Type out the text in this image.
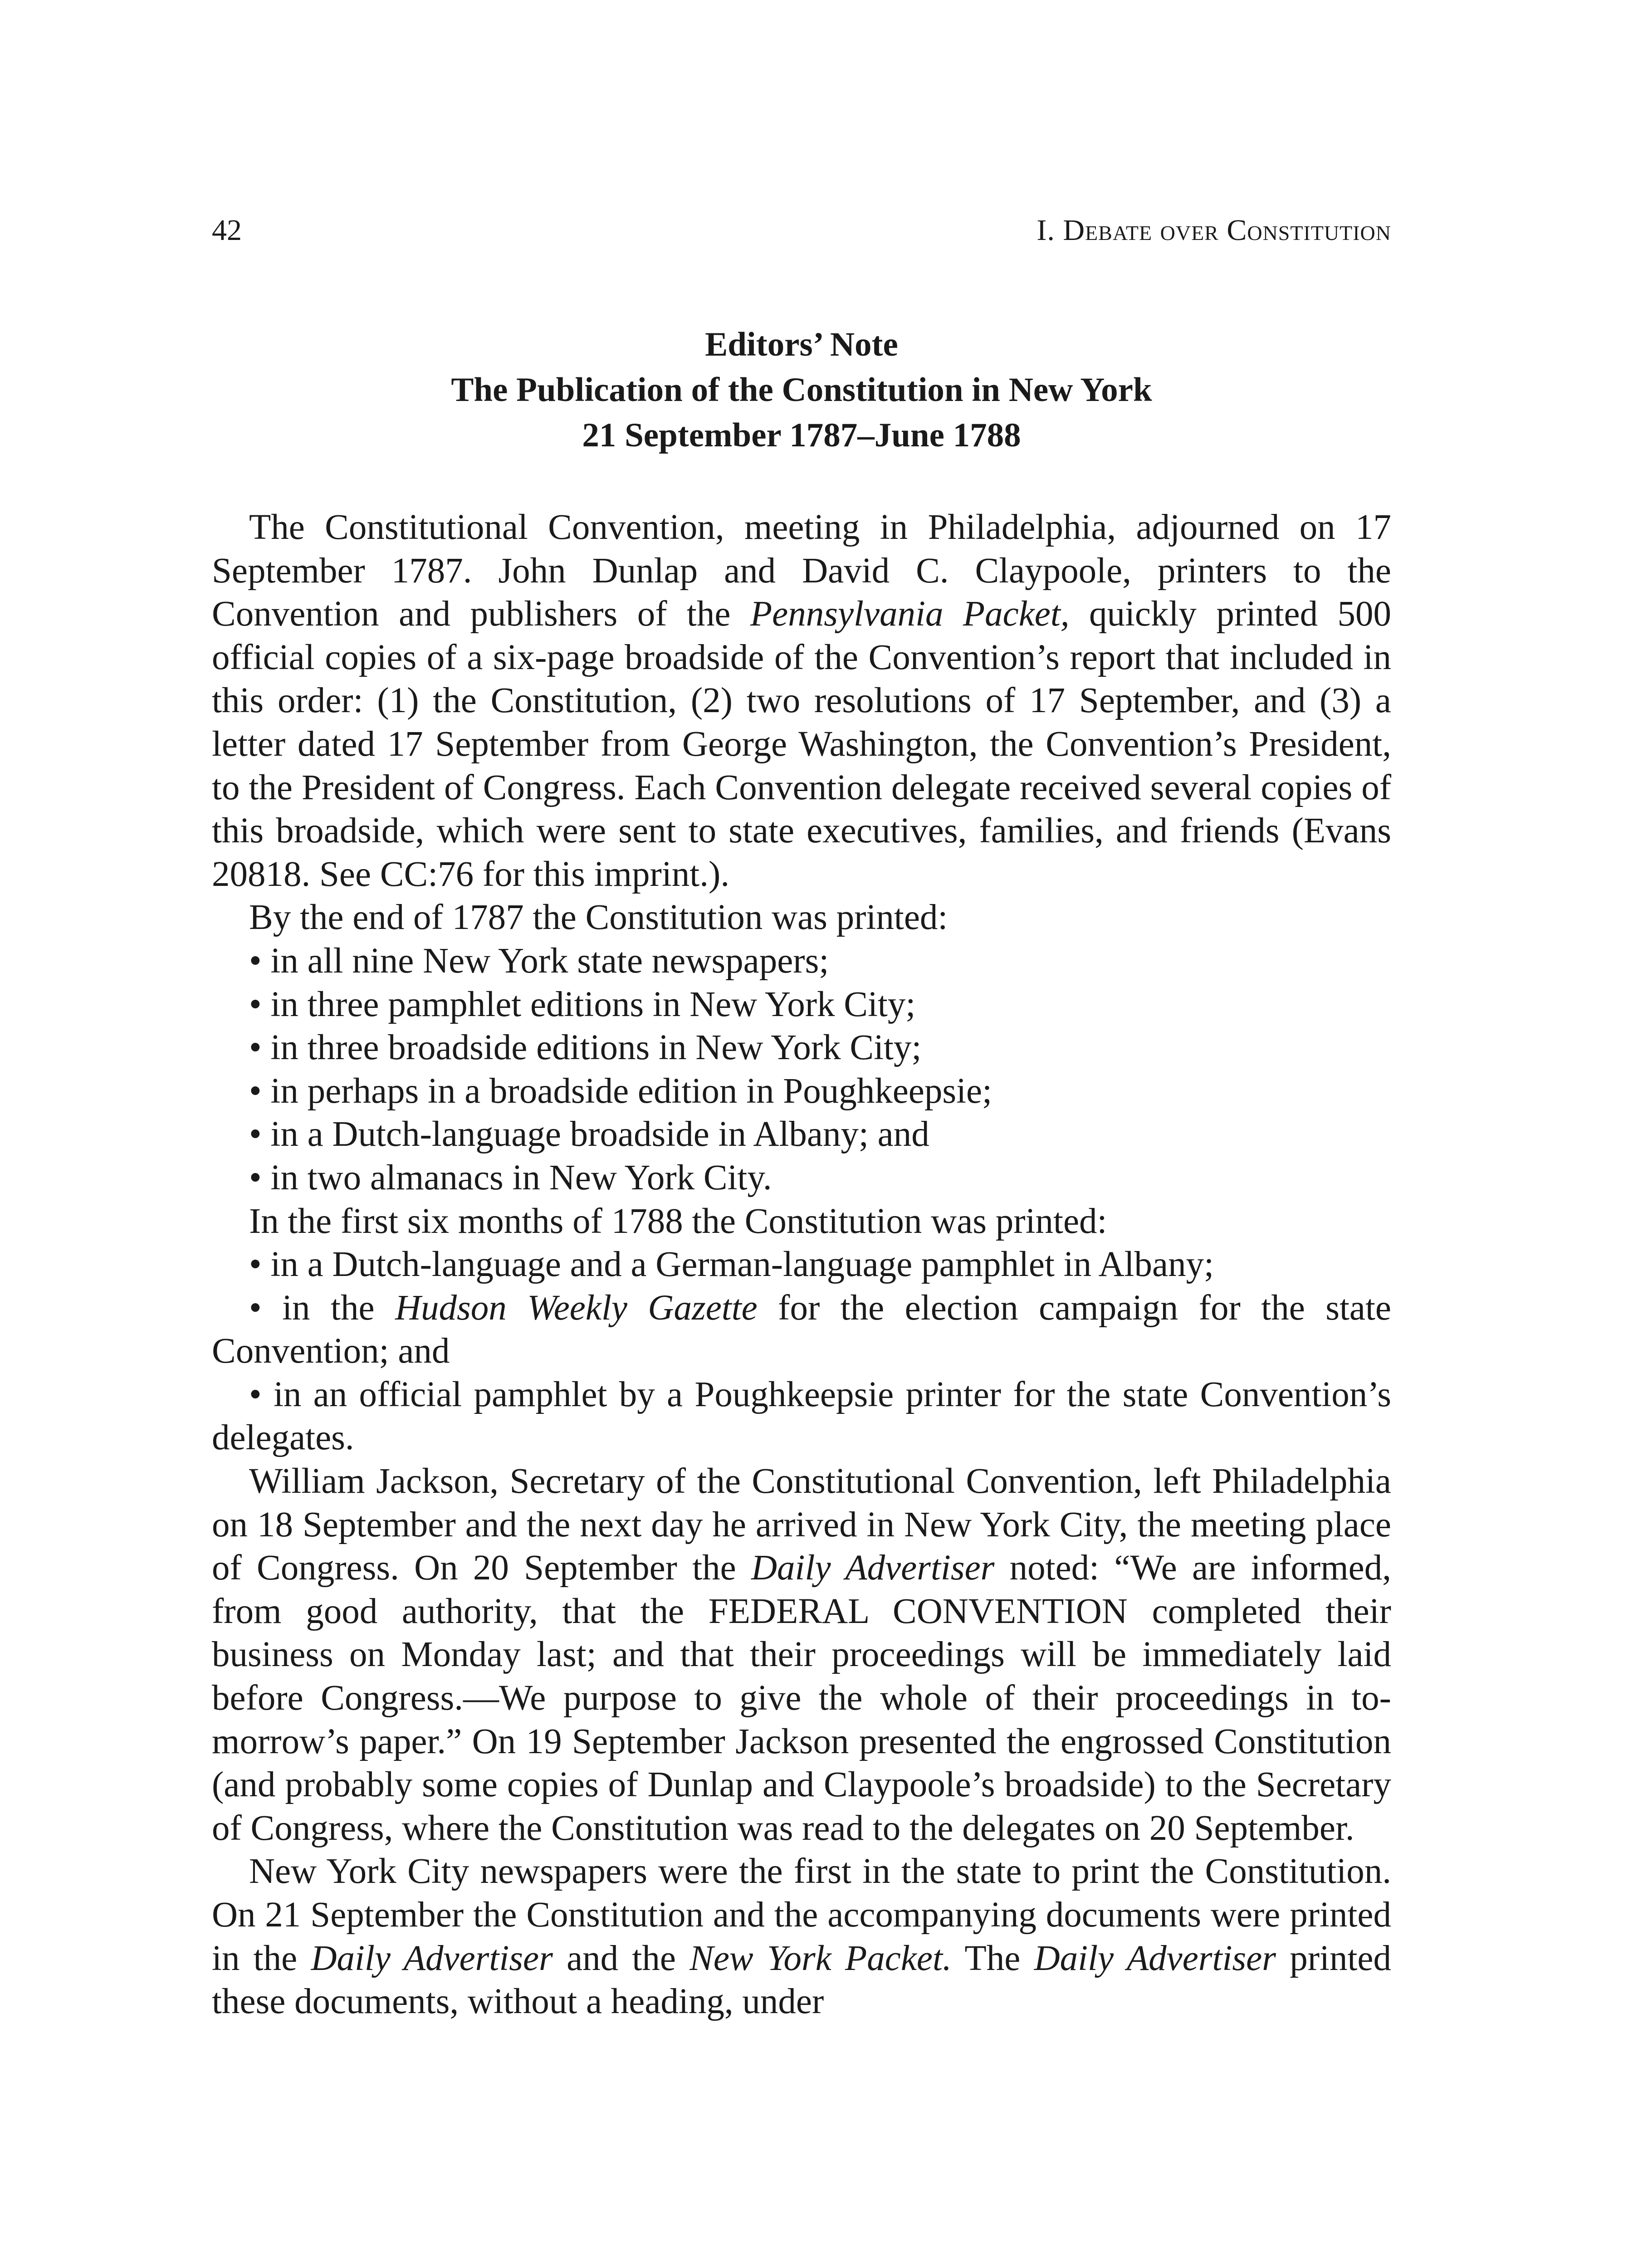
42	I. Debate over Constitution
Editors’ Note
The Publication of the Constitution in New York
21 September 1787–June 1788

The Constitutional Convention, meeting in Philadelphia, adjourned on 17 September 1787. John Dunlap and David C. Claypoole, printers to the Convention and publishers of the Pennsylvania Packet, quickly printed 500 official copies of a six-page broadside of the Convention’s report that included in this order: (1) the Constitution, (2) two resolutions of 17 September, and (3) a letter dated 17 September from George Washington, the Convention’s President, to the President of Congress. Each Convention delegate received several copies of this broadside, which were sent to state executives, families, and friends (Evans 20818. See CC:76 for this imprint.).

By the end of 1787 the Constitution was printed:

• in all nine New York state newspapers;

• in three pamphlet editions in New York City;

• in three broadside editions in New York City;

• in perhaps in a broadside edition in Poughkeepsie;

• in a Dutch-language broadside in Albany; and

• in two almanacs in New York City.

In the first six months of 1788 the Constitution was printed:

• in a Dutch-language and a German-language pamphlet in Albany;

• in the Hudson Weekly Gazette for the election campaign for the state Convention; and

• in an official pamphlet by a Poughkeepsie printer for the state Convention’s delegates.

William Jackson, Secretary of the Constitutional Convention, left Philadelphia on 18 September and the next day he arrived in New York City, the meeting place of Congress. On 20 September the Daily Advertiser noted: “We are informed, from good authority, that the FEDERAL CONVENTION completed their business on Monday last; and that their proceedings will be immediately laid before Congress.—We purpose to give the whole of their proceedings in to-morrow’s paper.” On 19 September Jackson presented the engrossed Constitution (and probably some copies of Dunlap and Claypoole’s broadside) to the Secretary of Congress, where the Constitution was read to the delegates on 20 September.

New York City newspapers were the first in the state to print the Constitution. On 21 September the Constitution and the accompanying documents were printed in the Daily Advertiser and the New York Packet. The Daily Advertiser printed these documents, without a heading, under
